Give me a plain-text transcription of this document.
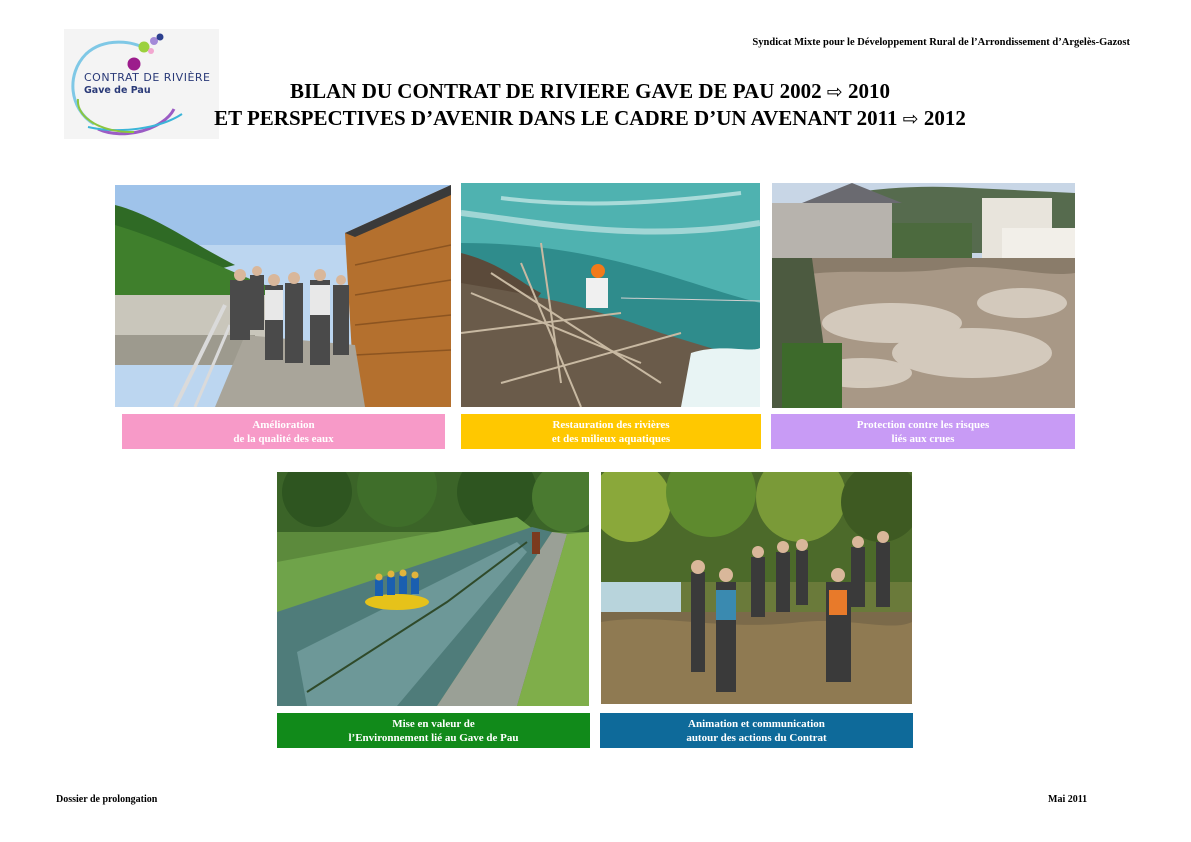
CONTRAT DE RIVIÈRE
Gave de Pau
Syndicat Mixte pour le Développement Rural de l’Arrondissement d’Argelès-Gazost
BILAN DU CONTRAT DE RIVIERE GAVE DE PAU 2002 ⇨ 2010
ET PERSPECTIVES D’AVENIR DANS LE CADRE D’UN AVENANT 2011 ⇨ 2012
Amélioration
de la qualité des eaux
Restauration des rivières
et des milieux aquatiques
Protection contre les risques
liés aux crues
Mise en valeur de
l’Environnement lié au Gave de Pau
Animation et communication
autour des actions du Contrat
Dossier de prolongation	Mai 2011
